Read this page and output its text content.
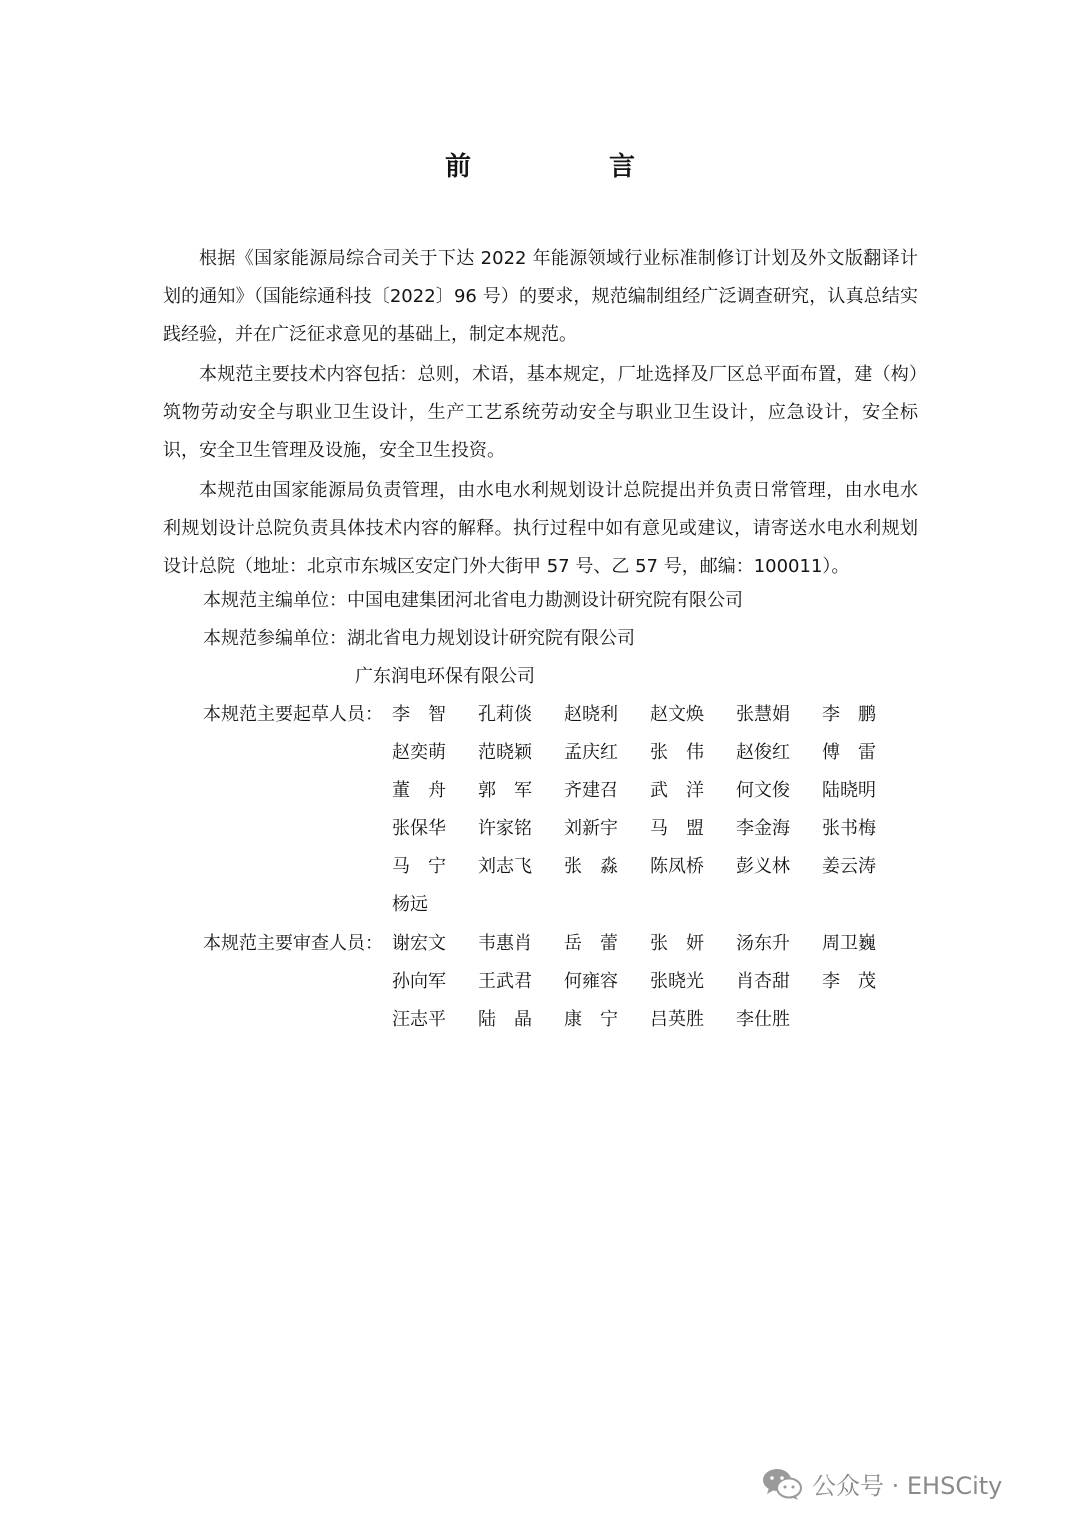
前　言

根据《国家能源局综合司关于下达 2022 年能源领域行业标准制修订计划及外文版翻译计划的通知》（国能综通科技〔2022〕96 号）的要求，规范编制组经广泛调查研究，认真总结实践经验，并在广泛征求意见的基础上，制定本规范。

本规范主要技术内容包括：总则，术语，基本规定，厂址选择及厂区总平面布置，建（构）筑物劳动安全与职业卫生设计，生产工艺系统劳动安全与职业卫生设计，应急设计，安全标识，安全卫生管理及设施，安全卫生投资。

本规范由国家能源局负责管理，由水电水利规划设计总院提出并负责日常管理，由水电水利规划设计总院负责具体技术内容的解释。执行过程中如有意见或建议，请寄送水电水利规划设计总院（地址：北京市东城区安定门外大街甲 57 号、乙 57 号，邮编：100011）。

本规范主编单位：中国电建集团河北省电力勘测设计研究院有限公司
本规范参编单位：湖北省电力规划设计研究院有限公司
广东润电环保有限公司
本规范主要起草人员： 李　智 孔莉倓 赵晓利 赵文焕 张慧娟 李　鹏
赵奕萌 范晓颖 孟庆红 张　伟 赵俊红 傅　雷
董　舟 郭　军 齐建召 武　洋 何文俊 陆晓明
张保华 许家铭 刘新宇 马　盟 李金海 张书梅
马　宁 刘志飞 张　淼 陈凤桥 彭义林 姜云涛
杨远
本规范主要审查人员： 谢宏文 韦惠肖 岳　蕾 张　妍 汤东升 周卫巍
孙向军 王武君 何雍容 张晓光 肖杏甜 李　茂
汪志平 陆　晶 康　宁 吕英胜 李仕胜
公众号 · EHSCity
